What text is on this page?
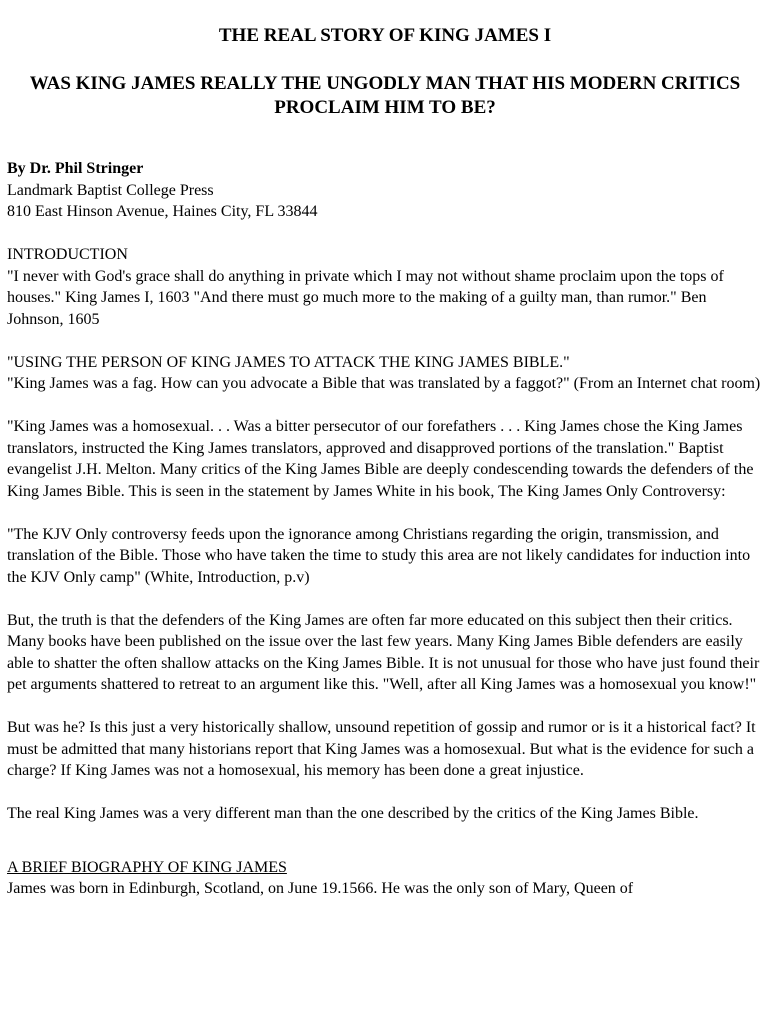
THE REAL STORY OF KING JAMES I
WAS KING JAMES REALLY THE UNGODLY MAN THAT HIS MODERN CRITICS PROCLAIM HIM TO BE?

By Dr. Phil Stringer

Landmark Baptist College Press

810 East Hinson Avenue, Haines City, FL 33844

INTRODUCTION

"I never with God's grace shall do anything in private which I may not without shame proclaim upon the tops of houses." King James I, 1603 "And there must go much more to the making of a guilty man, than rumor." Ben Johnson, 1605

"USING THE PERSON OF KING JAMES TO ATTACK THE KING JAMES BIBLE."

"King James was a fag. How can you advocate a Bible that was translated by a faggot?" (From an Internet chat room)

"King James was a homosexual. . . Was a bitter persecutor of our forefathers . . . King James chose the King James translators, instructed the King James translators, approved and disapproved portions of the translation." Baptist evangelist J.H. Melton. Many critics of the King James Bible are deeply condescending towards the defenders of the King James Bible. This is seen in the statement by James White in his book, The King James Only Controversy:

"The KJV Only controversy feeds upon the ignorance among Christians regarding the origin, transmission, and translation of the Bible. Those who have taken the time to study this area are not likely candidates for induction into the KJV Only camp" (White, Introduction, p.v)

But, the truth is that the defenders of the King James are often far more educated on this subject then their critics. Many books have been published on the issue over the last few years. Many King James Bible defenders are easily able to shatter the often shallow attacks on the King James Bible. It is not unusual for those who have just found their pet arguments shattered to retreat to an argument like this. "Well, after all King James was a homosexual you know!"

But was he? Is this just a very historically shallow, unsound repetition of gossip and rumor or is it a historical fact? It must be admitted that many historians report that King James was a homosexual. But what is the evidence for such a charge? If King James was not a homosexual, his memory has been done a great injustice.

The real King James was a very different man than the one described by the critics of the King James Bible.

A BRIEF BIOGRAPHY OF KING JAMES

James was born in Edinburgh, Scotland, on June 19.1566. He was the only son of Mary, Queen of
